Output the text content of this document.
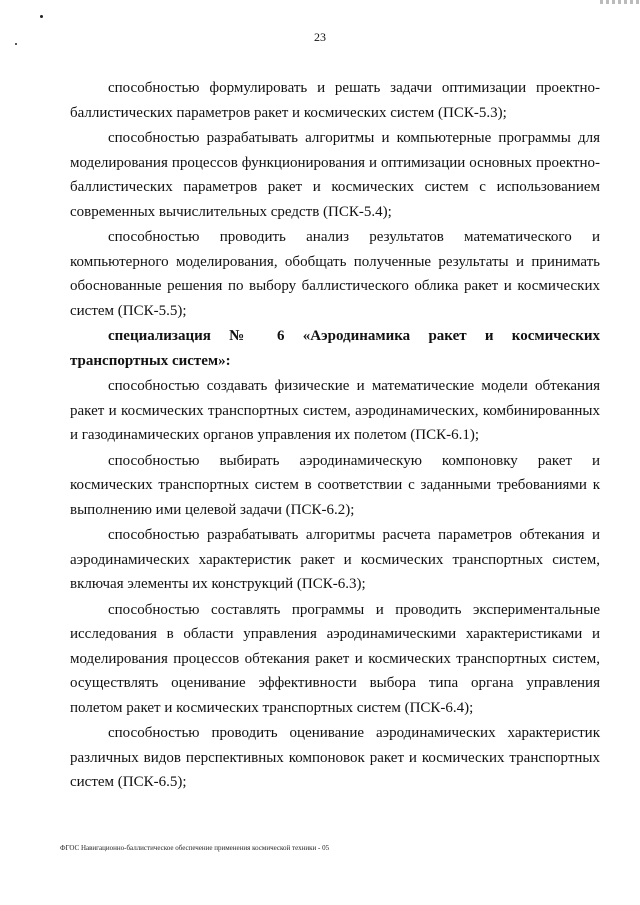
23

способностью формулировать и решать задачи оптимизации проектно-баллистических параметров ракет и космических систем (ПСК-5.3);

способностью разрабатывать алгоритмы и компьютерные программы для моделирования процессов функционирования и оптимизации основных проектно-баллистических параметров ракет и космических систем с использованием современных вычислительных средств (ПСК-5.4);

способностью проводить анализ результатов математического и компьютерного моделирования, обобщать полученные результаты и принимать обоснованные решения по выбору баллистического облика ракет и космических систем (ПСК-5.5);

специализация № 6 «Аэродинамика ракет и космических транспортных систем»:

способностью создавать физические и математические модели обтекания ракет и космических транспортных систем, аэродинамических, комбинированных и газодинамических органов управления их полетом (ПСК-6.1);

способностью выбирать аэродинамическую компоновку ракет и космических транспортных систем в соответствии с заданными требованиями к выполнению ими целевой задачи (ПСК-6.2);

способностью разрабатывать алгоритмы расчета параметров обтекания и аэродинамических характеристик ракет и космических транспортных систем, включая элементы их конструкций (ПСК-6.3);

способностью составлять программы и проводить экспериментальные исследования в области управления аэродинамическими характеристиками и моделирования процессов обтекания ракет и космических транспортных систем, осуществлять оценивание эффективности выбора типа органа управления полетом ракет и космических транспортных систем (ПСК-6.4);

способностью проводить оценивание аэродинамических характеристик различных видов перспективных компоновок ракет и космических транспортных систем (ПСК-6.5);

ФГОС Навигационно-баллистическое обеспечение применения космической техники - 05
